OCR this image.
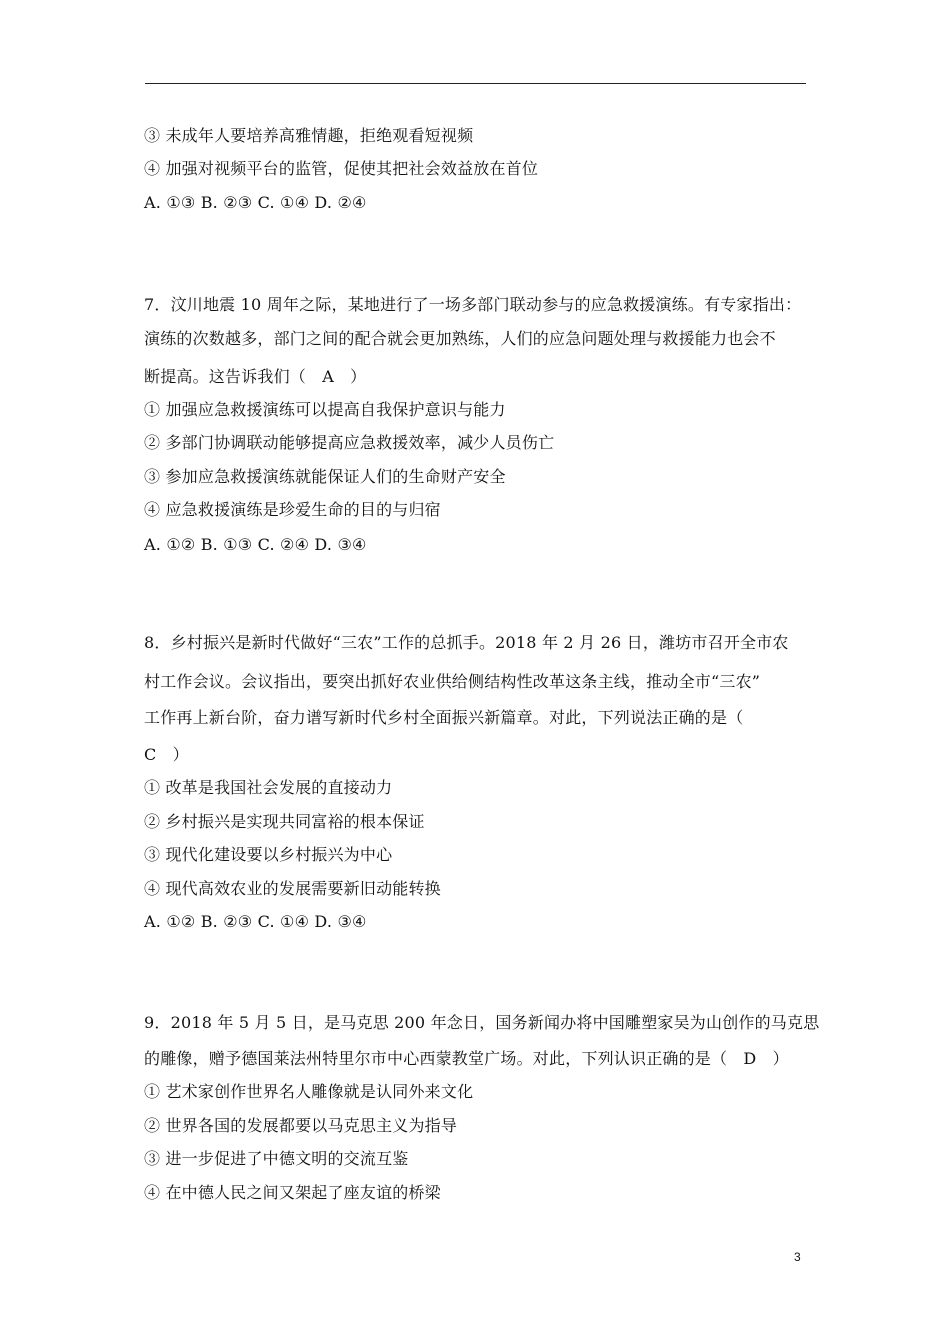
③ 未成年人要培养高雅情趣，拒绝观看短视频
④ 加强对视频平台的监管，促使其把社会效益放在首位
A. ①③ B. ②③ C. ①④ D. ②④
7．汶川地震 10 周年之际，某地进行了一场多部门联动参与的应急救援演练。有专家指出：
演练的次数越多，部门之间的配合就会更加熟练，人们的应急问题处理与救援能力也会不
断提高。这告诉我们（　A　）
① 加强应急救援演练可以提高自我保护意识与能力
② 多部门协调联动能够提高应急救援效率，减少人员伤亡
③ 参加应急救援演练就能保证人们的生命财产安全
④ 应急救援演练是珍爱生命的目的与归宿
A. ①② B. ①③ C. ②④ D. ③④
8．乡村振兴是新时代做好“三农”工作的总抓手。2018 年 2 月 26 日，潍坊市召开全市农
村工作会议。会议指出，要突出抓好农业供给侧结构性改革这条主线，推动全市“三农”
工作再上新台阶，奋力谱写新时代乡村全面振兴新篇章。对此，下列说法正确的是（
C　）
① 改革是我国社会发展的直接动力
② 乡村振兴是实现共同富裕的根本保证
③ 现代化建设要以乡村振兴为中心
④ 现代高效农业的发展需要新旧动能转换
A. ①② B. ②③ C. ①④ D. ③④
9．2018 年 5 月 5 日，是马克思 200 年念日，国务新闻办将中国雕塑家吴为山创作的马克思
的雕像，赠予德国莱法州特里尔市中心西蒙教堂广场。对此，下列认识正确的是（　D　）
① 艺术家创作世界名人雕像就是认同外来文化
② 世界各国的发展都要以马克思主义为指导
③ 进一步促进了中德文明的交流互鉴
④ 在中德人民之间又架起了座友谊的桥梁
3
